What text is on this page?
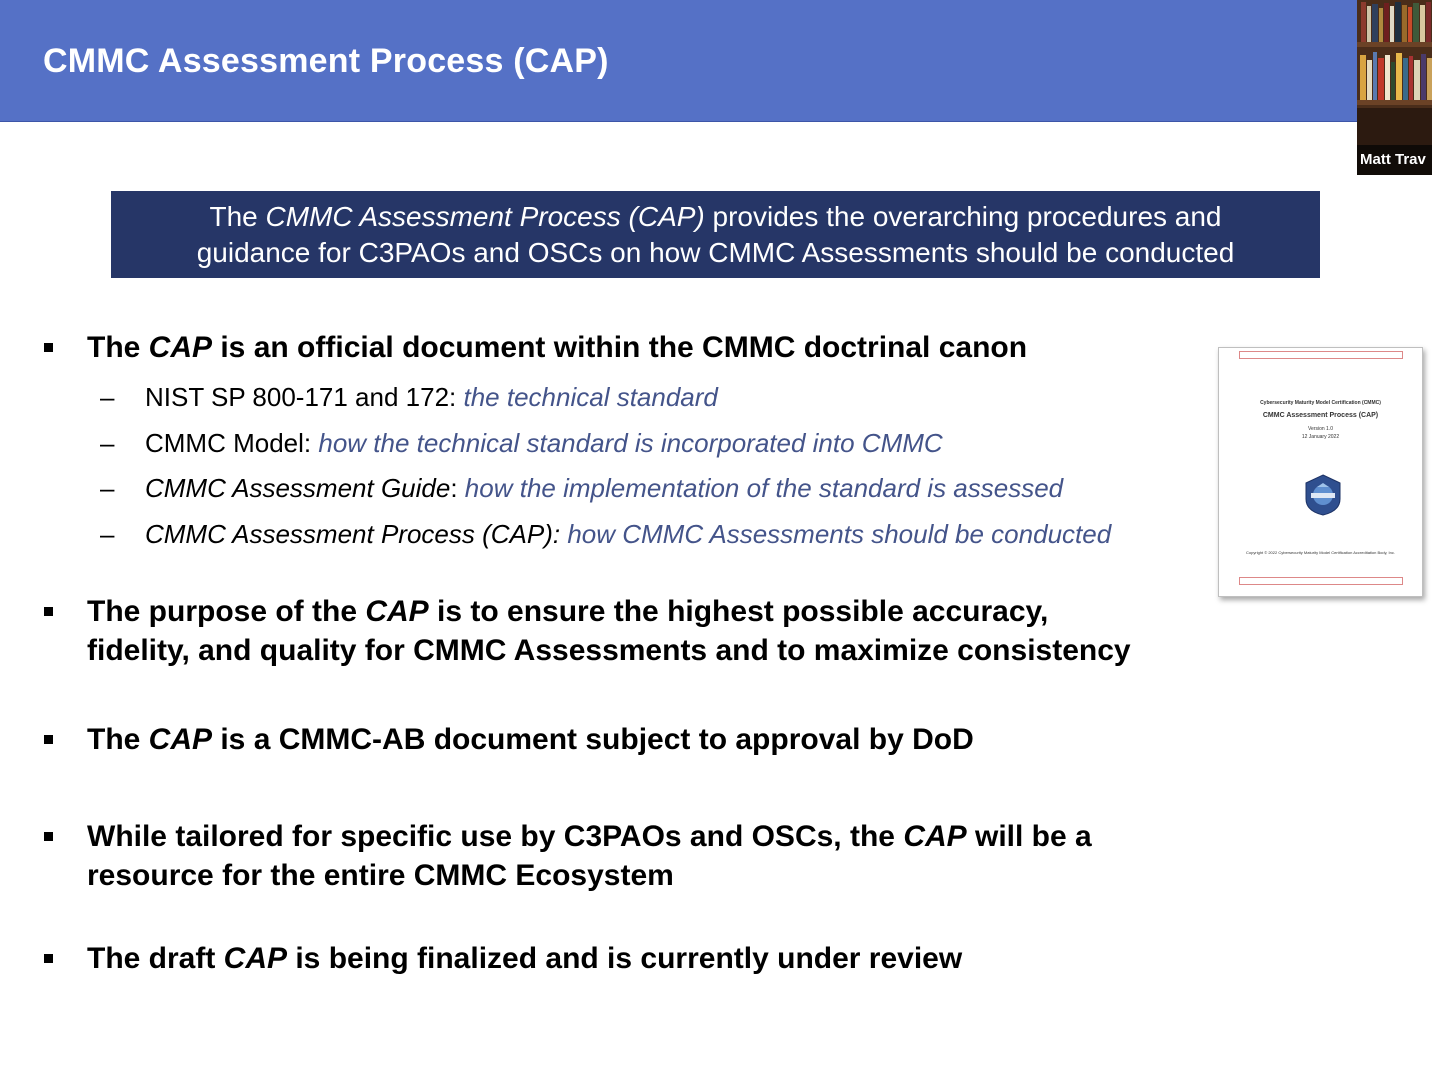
CMMC Assessment Process (CAP)
Matt Trav
The CMMC Assessment Process (CAP) provides the overarching procedures and
guidance for C3PAOs and OSCs on how CMMC Assessments should be conducted
The CAP is an official document within the CMMC doctrinal canon
– NIST SP 800-171 and 172: the technical standard
– CMMC Model: how the technical standard is incorporated into CMMC
– CMMC Assessment Guide: how the implementation of the standard is assessed
– CMMC Assessment Process (CAP): how CMMC Assessments should be conducted
The purpose of the CAP is to ensure the highest possible accuracy,
fidelity, and quality for CMMC Assessments and to maximize consistency
The CAP is a CMMC-AB document subject to approval by DoD
While tailored for specific use by C3PAOs and OSCs, the CAP will be a
resource for the entire CMMC Ecosystem
The draft CAP is being finalized and is currently under review
Cybersecurity Maturity Model Certification (CMMC)
CMMC Assessment Process (CAP)
Version 1.0
12 January 2022
Copyright © 2022 Cybersecurity Maturity Model Certification Accreditation Body, Inc.
